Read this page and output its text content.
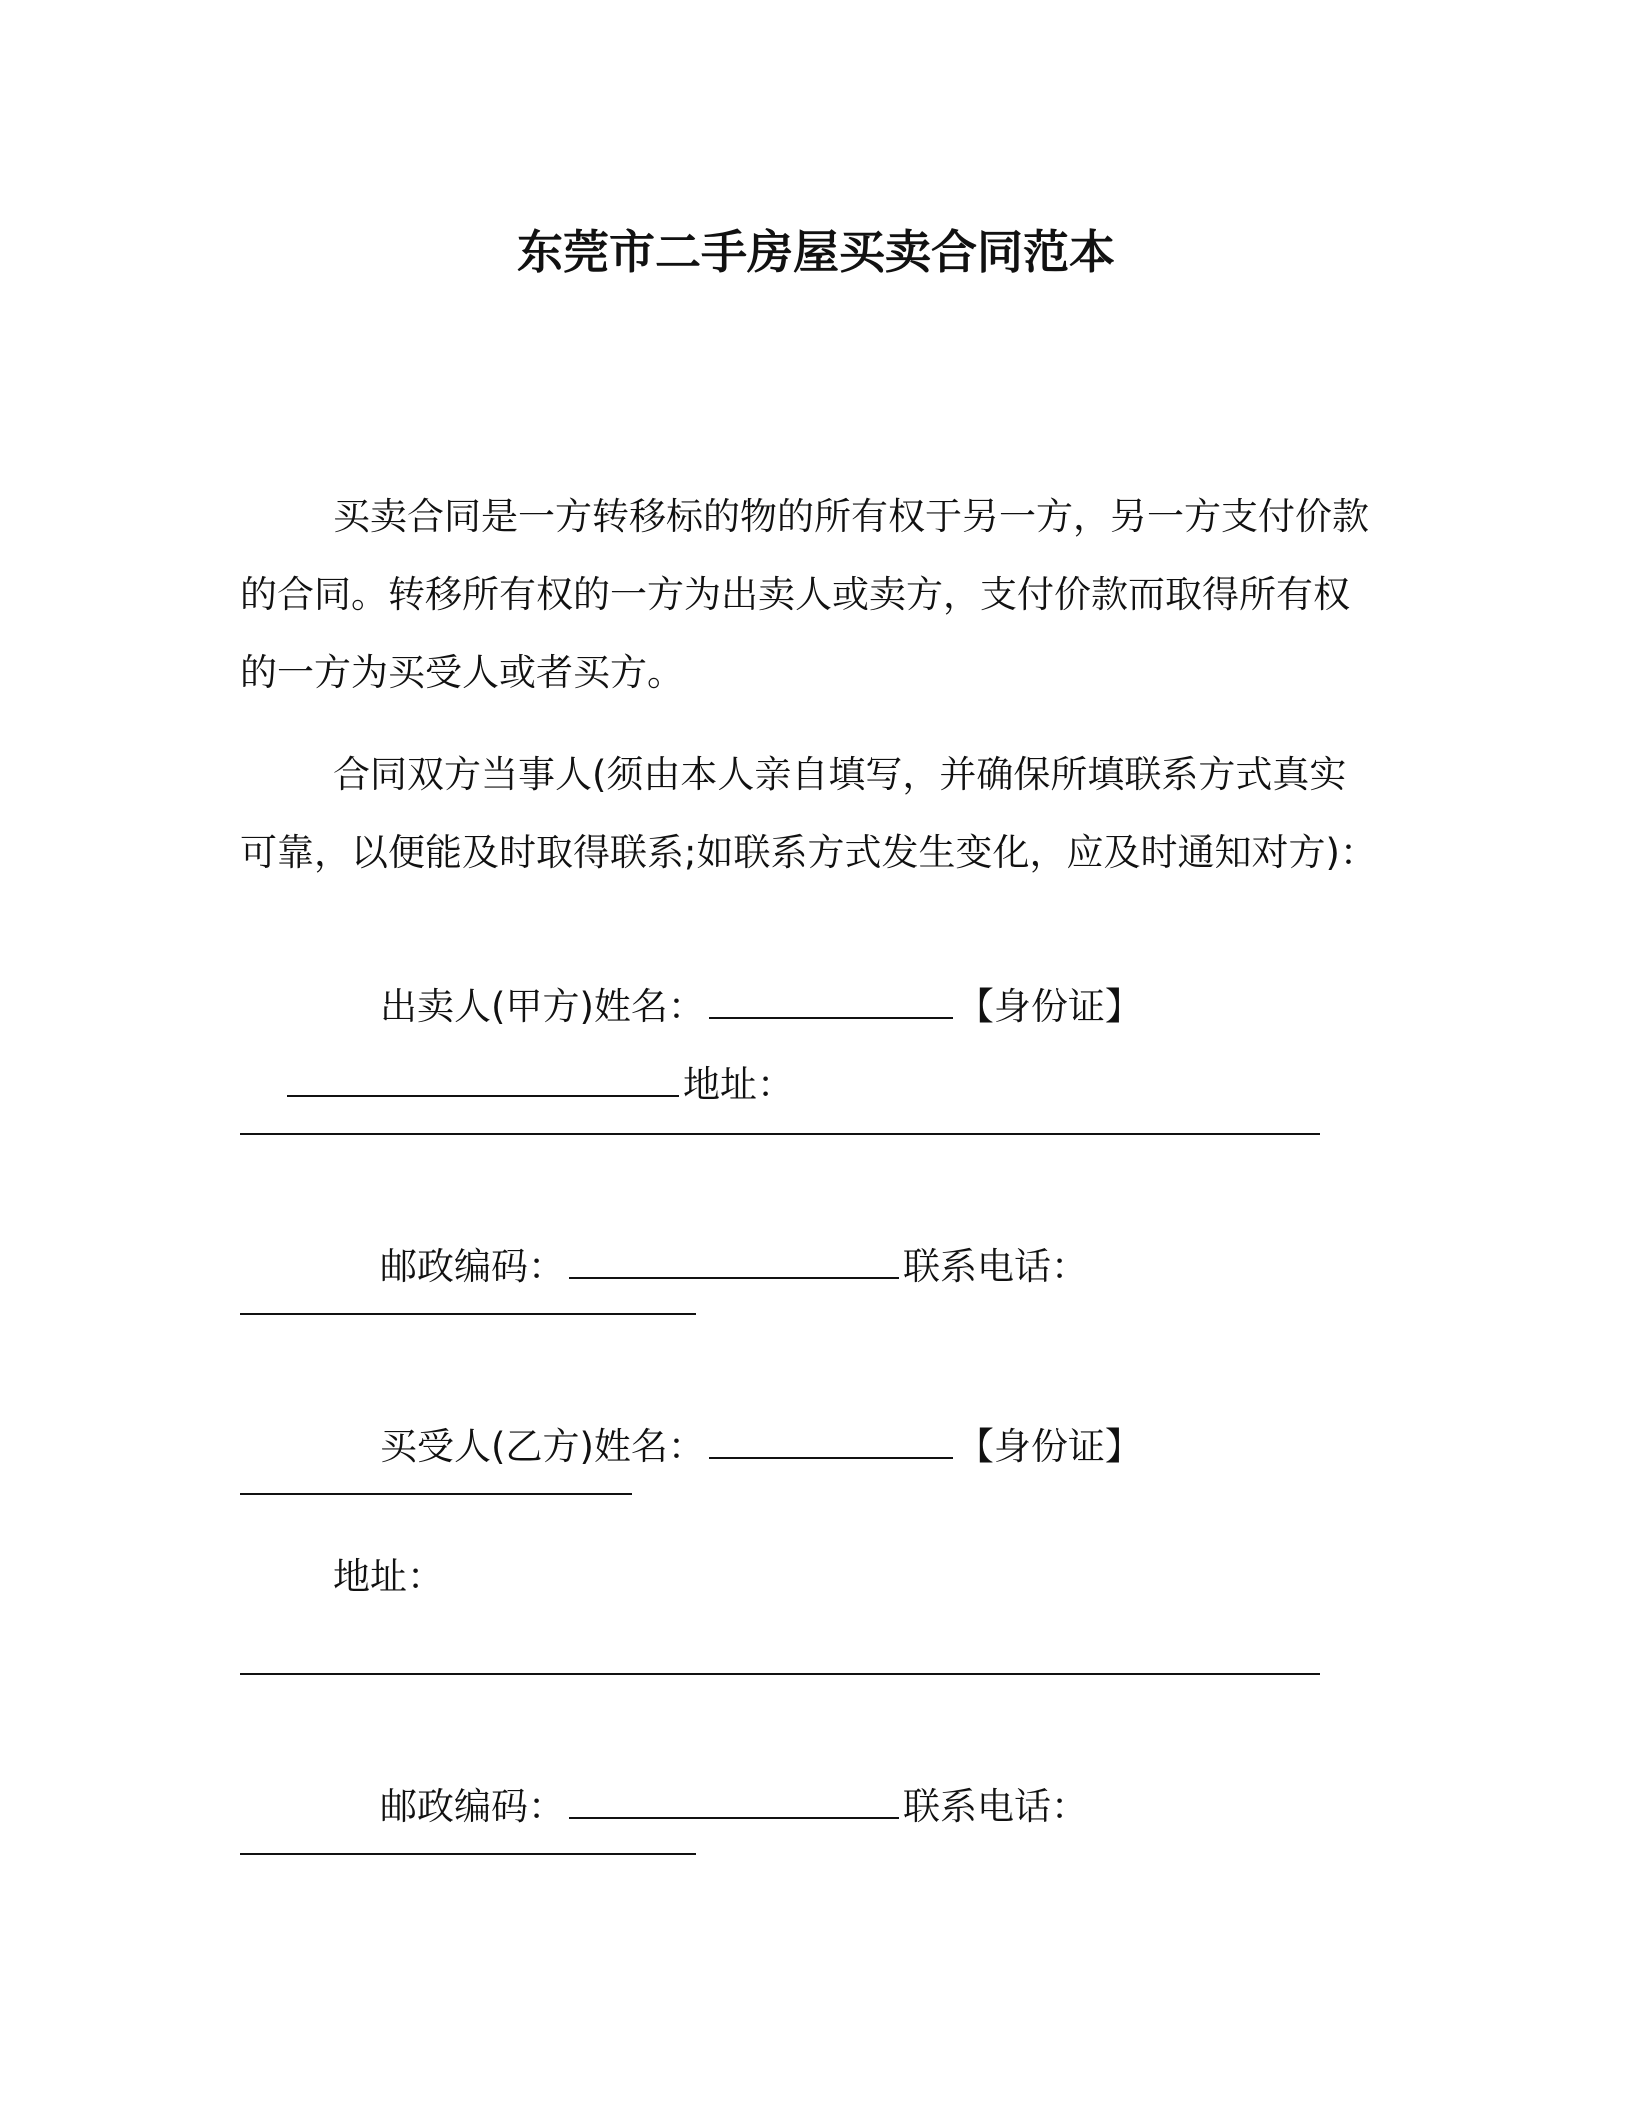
东莞市二手房屋买卖合同范本
买卖合同是一方转移标的物的所有权于另一方，另一方支付价款
的合同。转移所有权的一方为出卖人或卖方，支付价款而取得所有权
的一方为买受人或者买方。
合同双方当事人(须由本人亲自填写，并确保所填联系方式真实
可靠，以便能及时取得联系;如联系方式发生变化，应及时通知对方)：

出卖人(甲方)姓名：	【身份证】

地址：

邮政编码：	联系电话：

买受人(乙方)姓名：	【身份证】

地址：

邮政编码：	联系电话：
